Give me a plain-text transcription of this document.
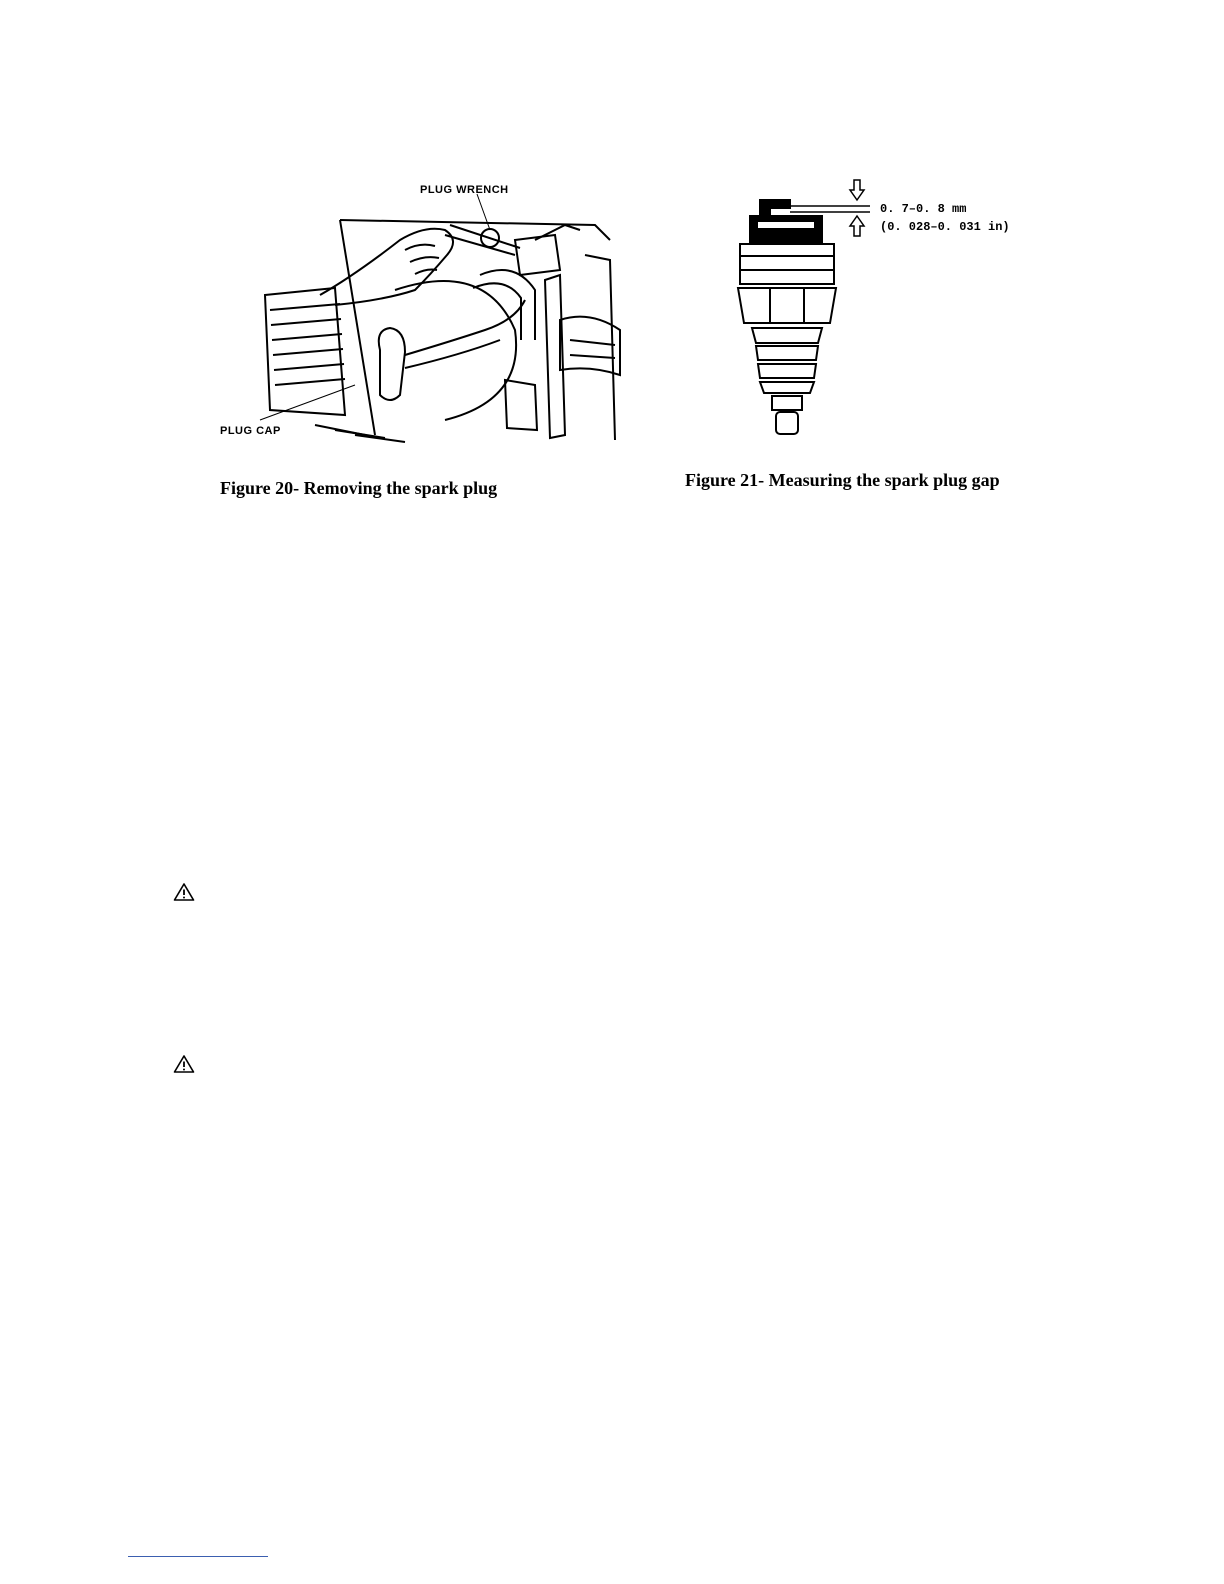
PLUG WRENCH
PLUG CAP
Figure 20- Removing the spark plug
0. 7–0. 8 mm
(0. 028–0. 031 in)
Figure 21- Measuring the spark plug gap
